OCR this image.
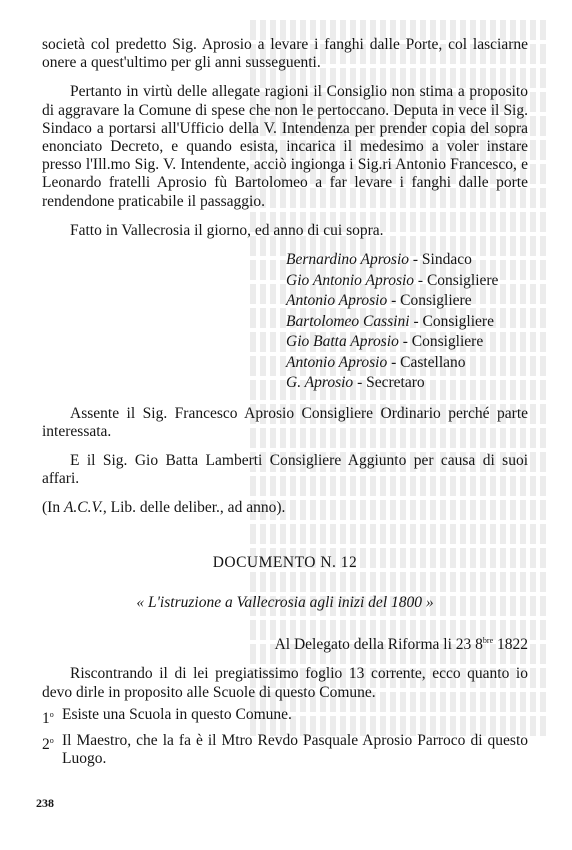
società col predetto Sig. Aprosio a levare i fanghi dalle Porte, col lasciarne onere a quest'ultimo per gli anni susseguenti.

Pertanto in virtù delle allegate ragioni il Consiglio non stima a proposito di aggravare la Comune di spese che non le pertoccano. Deputa in vece il Sig. Sindaco a portarsi all'Ufficio della V. Intendenza per prender copia del sopra enonciato Decreto, e quando esista, incarica il medesimo a voler instare presso l'Ill.mo Sig. V. Intendente, acciò ingionga i Sig.ri Antonio Francesco, e Leonardo fratelli Aprosio fù Bartolomeo a far levare i fanghi dalle porte rendendone praticabile il passaggio.

Fatto in Vallecrosia il giorno, ed anno di cui sopra.

Bernardino Aprosio - Sindaco
Gio Antonio Aprosio - Consigliere
Antonio Aprosio - Consigliere
Bartolomeo Cassini - Consigliere
Gio Batta Aprosio - Consigliere
Antonio Aprosio - Castellano
G. Aprosio - Secretaro

Assente il Sig. Francesco Aprosio Consigliere Ordinario perché parte interessata.

E il Sig. Gio Batta Lamberti Consigliere Aggiunto per causa di suoi affari.

(In A.C.V., Lib. delle deliber., ad anno).

DOCUMENTO N. 12

« L'istruzione a Vallecrosia agli inizi del 1800 »

Al Delegato della Riforma li 23 $8^{bre}$ 1822

Riscontrando il di lei pregiatissimo foglio 13 corrente, ecco quanto io devo dirle in proposito alle Scuole di questo Comune.

1$^o$ Esiste una Scuola in questo Comune.
2$^o$ Il Maestro, che la fa è il Mtro Revdo Pasquale Aprosio Parroco di questo Luogo.
238
